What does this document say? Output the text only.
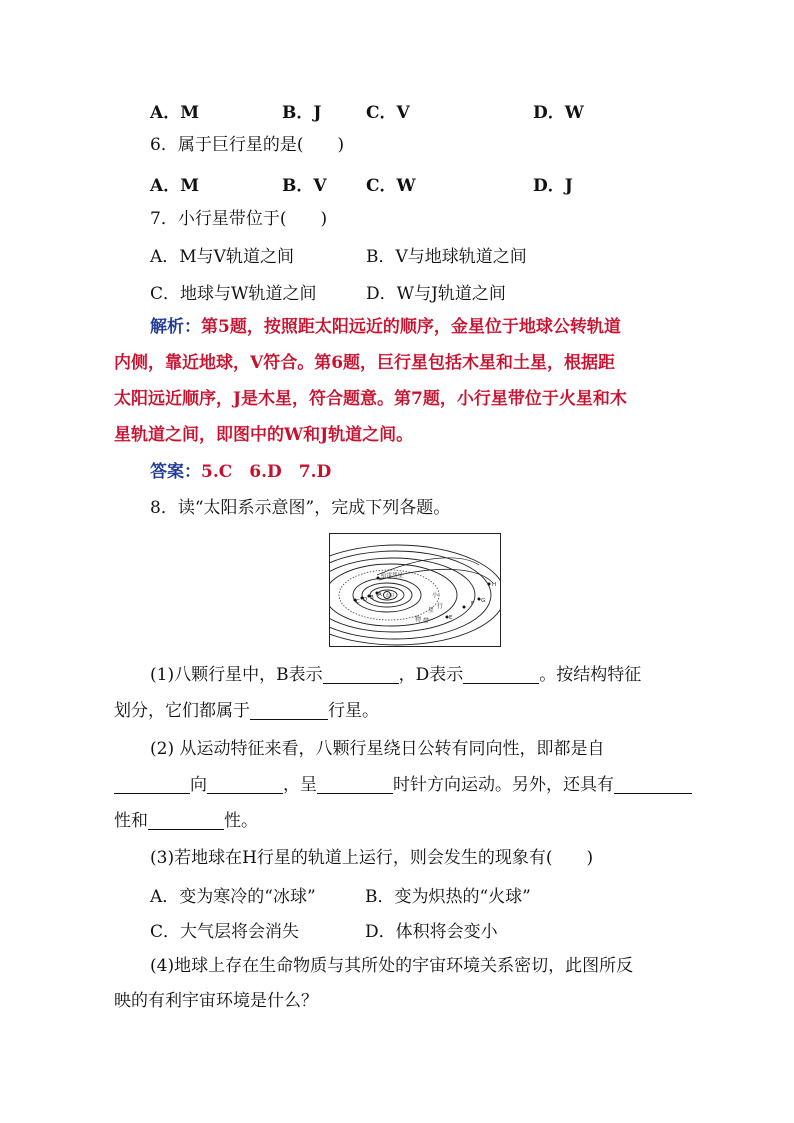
A．M	B．J	C．V	D．W
6．属于巨行星的是(　　)
A．M	B．V C．W	D．J
7．小行星带位于(　　)
A．M与V轨道之间	B．V与地球轨道之间
C．地球与W轨道之间	D．W与J轨道之间
解析：第5题，按照距太阳远近的顺序，金星位于地球公转轨道
内侧，靠近地球，V符合。第6题，巨行星包括木星和土星，根据距
太阳远近顺序，J是木星，符合题意。第7题，小行星带位于火星和木
星轨道之间，即图中的W和J轨道之间。
答案：5.C　6.D　7.D
8．读“太阳系示意图”，完成下列各题。
哈雷彗星
太阳	小
行
星
物 带
H
G
F
E
D
C
B A
(1)八颗行星中，B表示	，D表示	。按结构特征
划分，它们都属于	行星。
(2) 从运动特征来看，八颗行星绕日公转有同向性，即都是自
向	，呈	时针方向运动。另外，还具有
性和	性。
(3)若地球在H行星的轨道上运行，则会发生的现象有(　　)
A．变为寒冷的“冰球”	B．变为炽热的“火球”
C．大气层将会消失	D．体积将会变小
(4)地球上存在生命物质与其所处的宇宙环境关系密切，此图所反
映的有利宇宙环境是什么？
